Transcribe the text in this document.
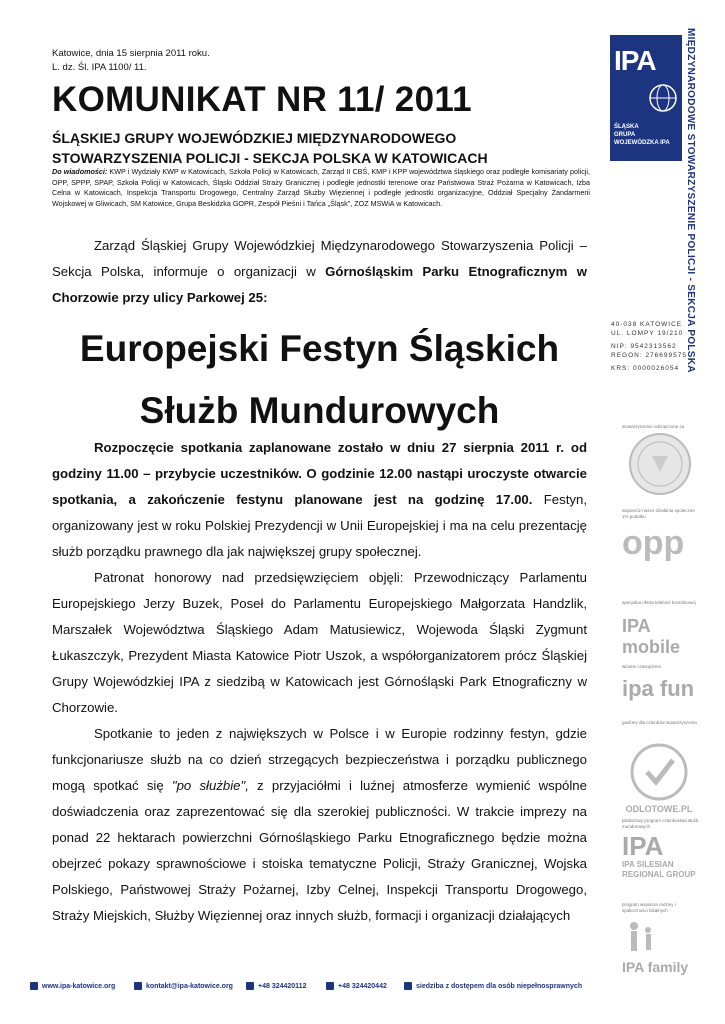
Katowice, dnia 15 sierpnia 2011 roku.
L. dz. Śl. IPA 1100/ 11.
KOMUNIKAT NR 11/ 2011
ŚLĄSKIEJ GRUPY WOJEWÓDZKIEJ MIĘDZYNARODOWEGO
STOWARZYSZENIA POLICJI - SEKCJA POLSKA W KATOWICACH
Do wiadomości: KWP i Wydziały KWP w Katowicach, Szkoła Policji w Katowicach, Zarząd II CBŚ, KMP i KPP województwa śląskiego oraz podległe komisariaty policji, OPP, SPPP, SPAP, Szkoła Policji w Katowicach, Śląski Oddział Straży Granicznej i podległe jednostki terenowe oraz Państwowa Straż Pożarna w Katowicach, Izba Celna w Katowicach, Inspekcja Transportu Drogowego, Centralny Zarząd Służby Więziennej i podległe jednostki organizacyjne, Oddział Specjalny Żandarmerii Wojskowej w Gliwicach, SM Katowice, Grupa Beskidzka GOPR, Zespół Pieśni i Tańca „Śląsk", ZOZ MSWiA w Katowicach.

Zarząd Śląskiej Grupy Wojewódzkiej Międzynarodowego Stowarzyszenia Policji – Sekcja Polska, informuje o organizacji w Górnośląskim Parku Etnograficznym w Chorzowie przy ulicy Parkowej 25:

Europejski Festyn Śląskich
Służb Mundurowych

Rozpoczęcie spotkania zaplanowane zostało w dniu 27 sierpnia 2011 r. od godziny 11.00 – przybycie uczestników. O godzinie 12.00 nastąpi uroczyste otwarcie spotkania, a zakończenie festynu planowane jest na godzinę 17.00. Festyn, organizowany jest w roku Polskiej Prezydencji w Unii Europejskiej i ma na celu prezentację służb porządku prawnego dla jak największej grupy społecznej.

Patronat honorowy nad przedsięwzięciem objęli: Przewodniczący Parlamentu Europejskiego Jerzy Buzek, Poseł do Parlamentu Europejskiego Małgorzata Handzlik, Marszałek Województwa Śląskiego Adam Matusiewicz, Wojewoda Śląski Zygmunt Łukaszczyk, Prezydent Miasta Katowice Piotr Uszok, a współorganizatorem prócz Śląskiej Grupy Wojewódzkiej IPA z siedzibą w Katowicach jest Górnośląski Park Etnograficzny w Chorzowie.

Spotkanie to jeden z największych w Polsce i w Europie rodzinny festyn, gdzie funkcjonariusze służb na co dzień strzegących bezpieczeństwa i porządku publicznego mogą spotkać się "po służbie", z przyjaciółmi i luźnej atmosferze wymienić wspólne doświadczenia oraz zaprezentować się dla szerokiej publiczności. W trakcie imprezy na ponad 22 hektarach powierzchni Górnośląskiego Parku Etnograficznego będzie można obejrzeć pokazy sprawnościowe i stoiska tematyczne Policji, Straży Granicznej, Wojska Polskiego, Państwowej Straży Pożarnej, Izby Celnej, Inspekcji Transportu Drogowego, Straży Miejskich, Służby Więziennej oraz innych służb, formacji i organizacji działających

IPA
ŚLĄSKA
GRUPA
WOJEWÓDZKA IPA MIĘDZYNARODOWE STOWARZYSZENIE POLICJI - SEKCJA POLSKA
40-038 KATOWICE
UL. LOMPY 19/210
NIP: 9542313562
REGON: 276699575
KRS: 0000026054
stowarzyszenie odznaczone za
wspomóż nasze działania społeczne 1% podatku
opp
specjalna oferta telefonii komórkowej
IPA mobile
wiosne czasopismo
ipa fun
gadżety dla członków stowarzyszenia
ODLOTOWE.PL
pilotażowy program członkostwa służb mundurowych
IPA
IPA SILESIAN REGIONAL GROUP
program wsparcia rodziny i społeczności lokalnych
IPA family
www.ipa-katowice.org	kontakt@ipa-katowice.org	+48 324420112	+48 324420442	siedziba z dostępem dla osób niepełnosprawnych
